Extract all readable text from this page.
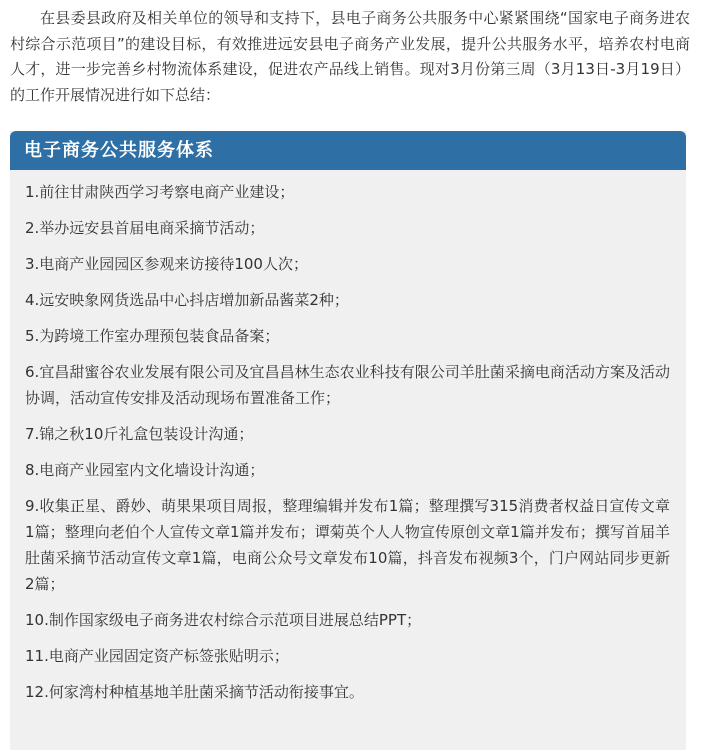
在县委县政府及相关单位的领导和支持下，县电子商务公共服务中心紧紧围绕“国家电子商务进农村综合示范项目”的建设目标，有效推进远安县电子商务产业发展，提升公共服务水平，培养农村电商人才，进一步完善乡村物流体系建设，促进农产品线上销售。现对3月份第三周（3月13日-3月19日）的工作开展情况进行如下总结：

电子商务公共服务体系
1.前往甘肃陕西学习考察电商产业建设；
2.举办远安县首届电商采摘节活动；
3.电商产业园园区参观来访接待100人次；
4.远安映象网货选品中心抖店增加新品酱菜2种；
5.为跨境工作室办理预包装食品备案；
6.宜昌甜蜜谷农业发展有限公司及宜昌昌林生态农业科技有限公司羊肚菌采摘电商活动方案及活动协调，活动宣传安排及活动现场布置准备工作；
7.锦之秋10斤礼盒包装设计沟通；
8.电商产业园室内文化墙设计沟通；
9.收集正星、爵妙、萌果果项目周报，整理编辑并发布1篇；整理撰写315消费者权益日宣传文章1篇；整理向老伯个人宣传文章1篇并发布；谭菊英个人人物宣传原创文章1篇并发布；撰写首届羊肚菌采摘节活动宣传文章1篇，电商公众号文章发布10篇，抖音发布视频3个，门户网站同步更新2篇；
10.制作国家级电子商务进农村综合示范项目进展总结PPT；
11.电商产业园固定资产标签张贴明示；
12.何家湾村种植基地羊肚菌采摘节活动衔接事宜。
